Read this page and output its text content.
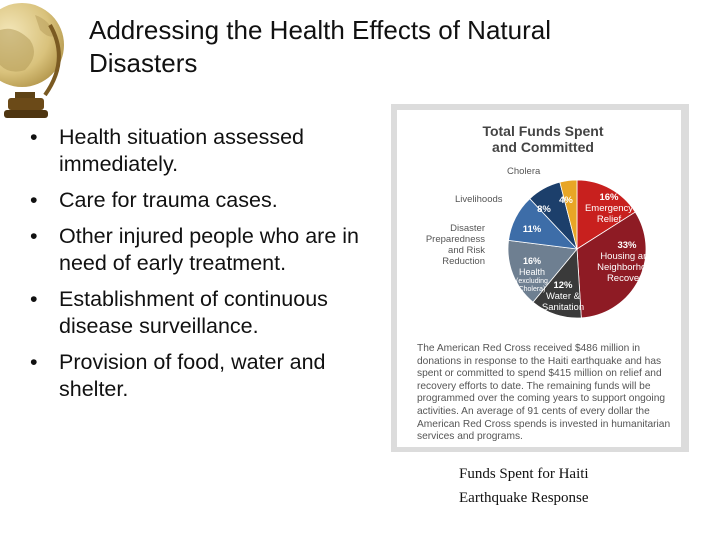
Addressing the Health Effects of Natural
Disasters
• Health situation assessed immediately.
• Care for trauma cases.
• Other injured people who are in need of early treatment.
• Establishment of continuous disease surveillance.
• Provision of food, water and shelter.
Total Funds Spent
and Committed
Cholera
Livelihoods
Disaster
Preparedness
and Risk
Reduction
16%
Emergency
Relief
33%
Housing and
Neighborhood
Recovery
12%
Water &
Sanitation
16%
Health
(excluding
Cholera)
11%
8%
4%
The American Red Cross received $486 million in donations in response to the Haiti earthquake and has spent or committed to spend $415 million on relief and recovery efforts to date. The remaining funds will be programmed over the coming years to support ongoing activities. An average of 91 cents of every dollar the American Red Cross spends is invested in humanitarian services and programs.
Funds Spent for Haiti
Earthquake Response
